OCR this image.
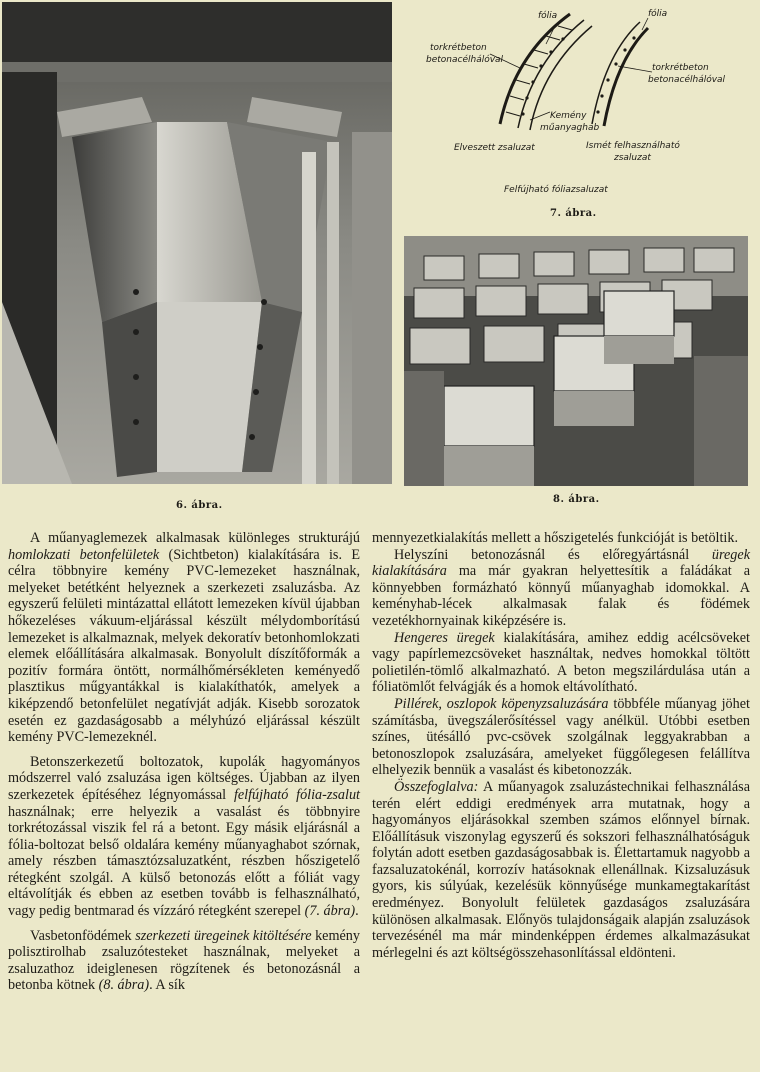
6. ábra.
fólia	fólia
torkrétbeton
betonacélhálóval
torkrétbeton
betonacélhálóval
Kemény
műanyaghab
Elveszett zsaluzat	Ismét felhasználható
zsaluzat
Felfújható fóliazsaluzat
7. ábra.
8. ábra.

A műanyaglemezek alkalmasak különleges strukturájú homlokzati betonfelületek (Sichtbeton) kialakítására is. E célra többnyire kemény PVC-lemezeket használnak, melyeket betétként helyeznek a szerkezeti zsaluzásba. Az egyszerű felületi mintázattal ellátott lemezeken kívül újabban hőkezeléses vákuum-eljárással készült mélydomborítású lemezeket is alkalmaznak, melyek dekoratív betonhomlokzati elemek előállítására alkalmasak. Bonyolult díszítőformák a pozitív formára öntött, normálhőmérsékleten keményedő plasztikus műgyantákkal is kialakíthatók, amelyek a kiképzendő betonfelület negatívját adják. Kisebb sorozatok esetén ez gazdaságosabb a mélyhúzó eljárással készült kemény PVC-lemezeknél.

Betonszerkezetű boltozatok, kupolák hagyományos módszerrel való zsaluzása igen költséges. Újabban az ilyen szerkezetek építéséhez légnyomással felfújható fólia-zsalut használnak; erre helyezik a vasalást és többnyire torkrétozással viszik fel rá a betont. Egy másik eljárásnál a fólia-boltozat belső oldalára kemény műanyaghabot szórnak, amely részben támasztózsaluzatként, részben hőszigetelő rétegként szolgál. A külső betonozás előtt a fóliát vagy eltávolítják és ebben az esetben tovább is felhasználható, vagy pedig bentmarad és vízzáró rétegként szerepel (7. ábra).

Vasbetonfödémek szerkezeti üregeinek kitöltésére kemény polisztirolhab zsaluzótesteket használnak, melyeket a zsaluzathoz ideiglenesen rögzítenek és betonozásnál a betonba kötnek (8. ábra). A sík

mennyezetkialakítás mellett a hőszigetelés funkcióját is betöltik.

Helyszíni betonozásnál és előregyártásnál üregek kialakítására ma már gyakran helyettesítik a faládákat a könnyebben formázható könnyű műanyaghab idomokkal. A keményhab-lécek alkalmasak falak és födémek vezetékhornyainak kiképzésére is.

Hengeres üregek kialakítására, amihez eddig acélcsöveket vagy papírlemezcsöveket használtak, nedves homokkal töltött polietilén-tömlő alkalmazható. A beton megszilárdulása után a fóliatömlőt felvágják és a homok eltávolítható.

Pillérek, oszlopok köpenyzsaluzására többféle műanyag jöhet számításba, üvegszálerősítéssel vagy anélkül. Utóbbi esetben színes, ütésálló pvc-csövek szolgálnak leggyakrabban a betonoszlopok zsaluzására, amelyeket függőlegesen felállítva elhelyezik bennük a vasalást és kibetonozzák.

Összefoglalva: A műanyagok zsaluzástechnikai felhasználása terén elért eddigi eredmények arra mutatnak, hogy a hagyományos eljárásokkal szemben számos előnnyel bírnak. Előállításuk viszonylag egyszerű és sokszori felhasználhatóságuk folytán adott esetben gazdaságosabbak is. Élettartamuk nagyobb a fazsaluzatokénál, korrozív hatásoknak ellenállnak. Kizsaluzásuk gyors, kis súlyúak, kezelésük könnyűsége munkamegtakarítást eredményez. Bonyolult felületek gazdaságos zsaluzására különösen alkalmasak. Előnyös tulajdonságaik alapján zsaluzások tervezésénél ma már mindenképpen érdemes alkalmazásukat mérlegelni és azt költségösszehasonlítással eldönteni.
